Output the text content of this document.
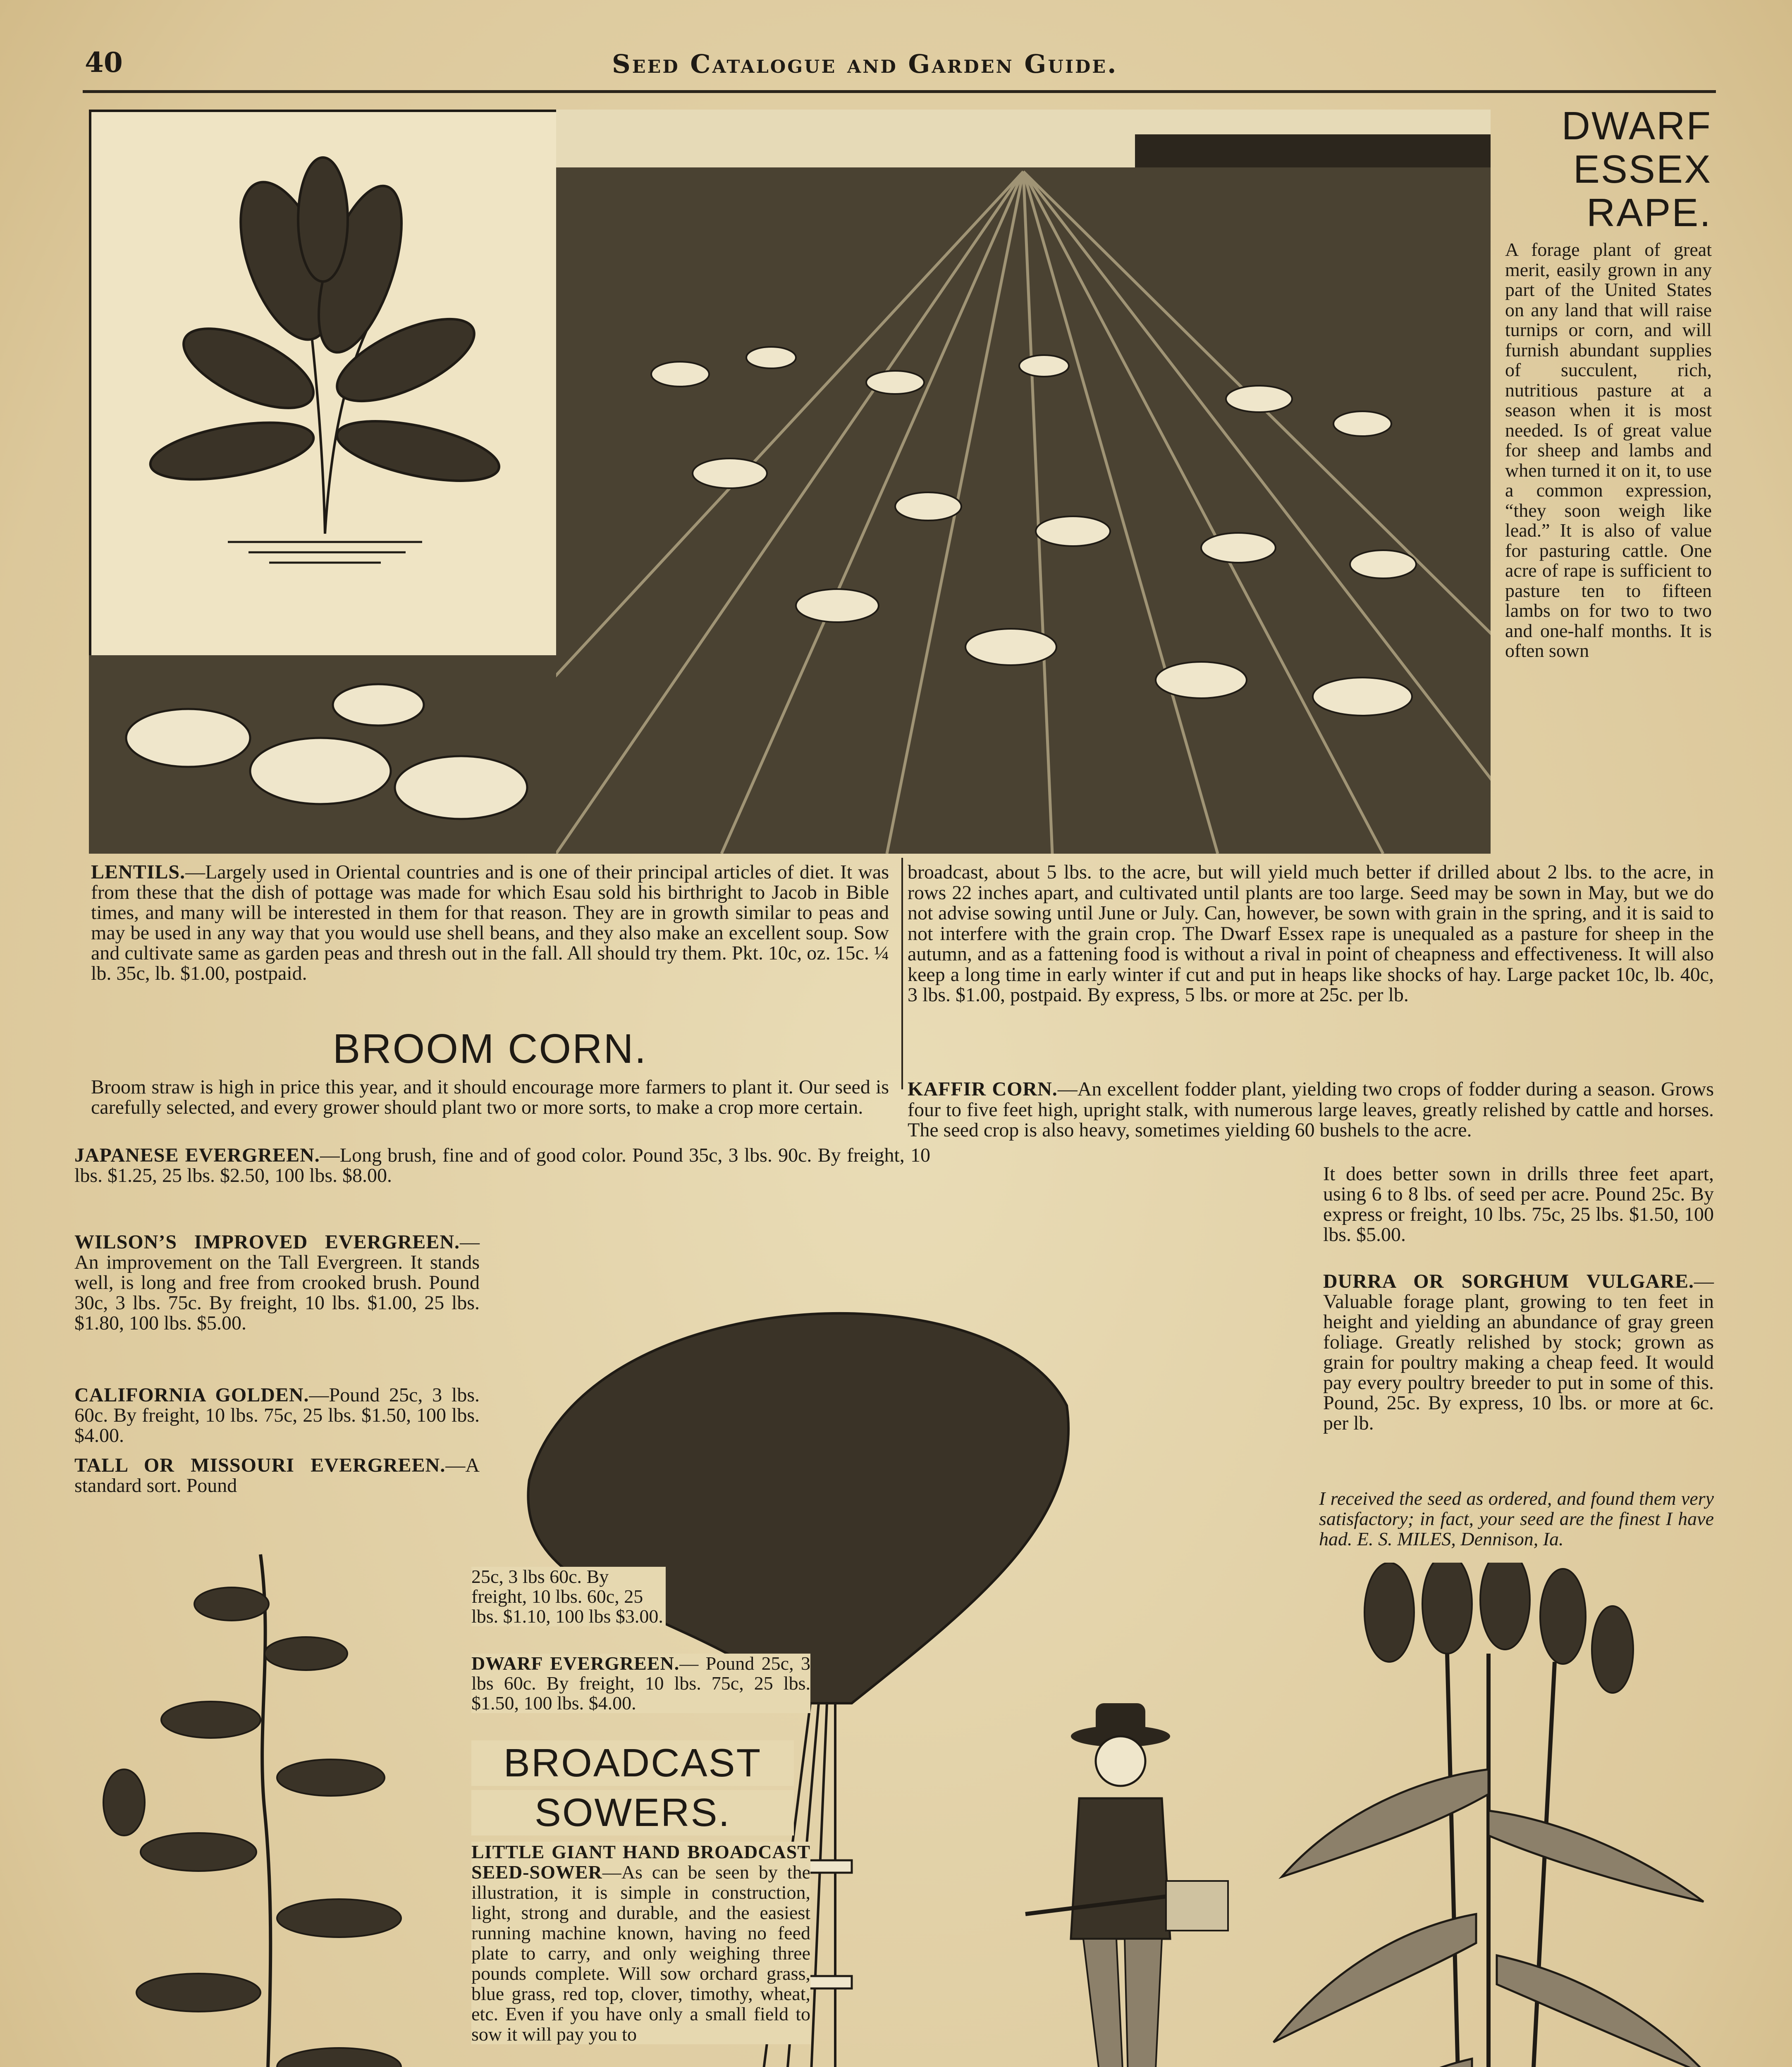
40	Seed Catalogue and Garden Guide.
DWARF
ESSEX
RAPE.
A forage plant of great merit, easily grown in any part of the United States on any land that will raise turnips or corn, and will furnish abundant supplies of succulent, rich, nutritious pasture at a season when it is most needed. Is of great value for sheep and lambs and when turned it on it, to use a common expression, “they soon weigh like lead.” It is also of value for pasturing cattle. One acre of rape is sufficient to pasture ten to fifteen lambs on for two to two and one-half months. It is often sown
LENTILS.—Largely used in Oriental countries and is one of their principal articles of diet. It was from these that the dish of pottage was made for which Esau sold his birthright to Jacob in Bible times, and many will be interested in them for that reason. They are in growth similar to peas and may be used in any way that you would use shell beans, and they also make an excellent soup. Sow and cultivate same as garden peas and thresh out in the fall. All should try them. Pkt. 10c, oz. 15c. ¼ lb. 35c, lb. $1.00, postpaid.
broadcast, about 5 lbs. to the acre, but will yield much better if drilled about 2 lbs. to the acre, in rows 22 inches apart, and cultivated until plants are too large. Seed may be sown in May, but we do not advise sowing until June or July. Can, however, be sown with grain in the spring, and it is said to not interfere with the grain crop. The Dwarf Essex rape is unequaled as a pasture for sheep in the autumn, and as a fattening food is without a rival in point of cheapness and effectiveness. It will also keep a long time in early winter if cut and put in heaps like shocks of hay. Large packet 10c, lb. 40c, 3 lbs. $1.00, postpaid. By express, 5 lbs. or more at 25c. per lb.
BROOM CORN.
Broom straw is high in price this year, and it should encourage more farmers to plant it. Our seed is carefully selected, and every grower should plant two or more sorts, to make a crop more certain.
JAPANESE EVERGREEN.—Long brush, fine and of good color. Pound 35c, 3 lbs. 90c. By freight, 10 lbs. $1.25, 25 lbs. $2.50, 100 lbs. $8.00.
WILSON’S IMPROVED EVERGREEN.—An improvement on the Tall Evergreen. It stands well, is long and free from crooked brush. Pound 30c, 3 lbs. 75c. By freight, 10 lbs. $1.00, 25 lbs. $1.80, 100 lbs. $5.00.
CALIFORNIA GOLDEN.—Pound 25c, 3 lbs. 60c. By freight, 10 lbs. 75c, 25 lbs. $1.50, 100 lbs. $4.00.
TALL OR MISSOURI EVERGREEN.—A standard sort. Pound
25c, 3 lbs 60c. By freight, 10 lbs. 60c, 25 lbs. $1.10, 100 lbs $3.00.
DWARF EVERGREEN.— Pound 25c, 3 lbs 60c. By freight, 10 lbs. 75c, 25 lbs. $1.50, 100 lbs. $4.00.
BROADCAST
SOWERS.
LITTLE GIANT HAND BROADCAST SEED-SOWER—As can be seen by the illustration, it is simple in construction, light, strong and durable, and the easiest running machine known, having no feed plate to carry, and only weighing three pounds complete. Will sow orchard grass, blue grass, red top, clover, timothy, wheat, etc. Even if you have only a small field to sow it will pay you to
KAFFIR CORN.—An excellent fodder plant, yielding two crops of fodder during a season. Grows four to five feet high, upright stalk, with numerous large leaves, greatly relished by cattle and horses. The seed crop is also heavy, sometimes yielding 60 bushels to the acre.
It does better sown in drills three feet apart, using 6 to 8 lbs. of seed per acre. Pound 25c. By express or freight, 10 lbs. 75c, 25 lbs. $1.50, 100 lbs. $5.00.
DURRA OR SORGHUM VULGARE.—Valuable forage plant, growing to ten feet in height and yielding an abundance of gray green foliage. Greatly relished by stock; grown as grain for poultry making a cheap feed. It would pay every poultry breeder to put in some of this. Pound, 25c. By express, 10 lbs. or more at 6c. per lb.
I received the seed as ordered, and found them very satisfactory; in fact, your seed are the finest I have had. E. S. MILES, Dennison, Ia.
